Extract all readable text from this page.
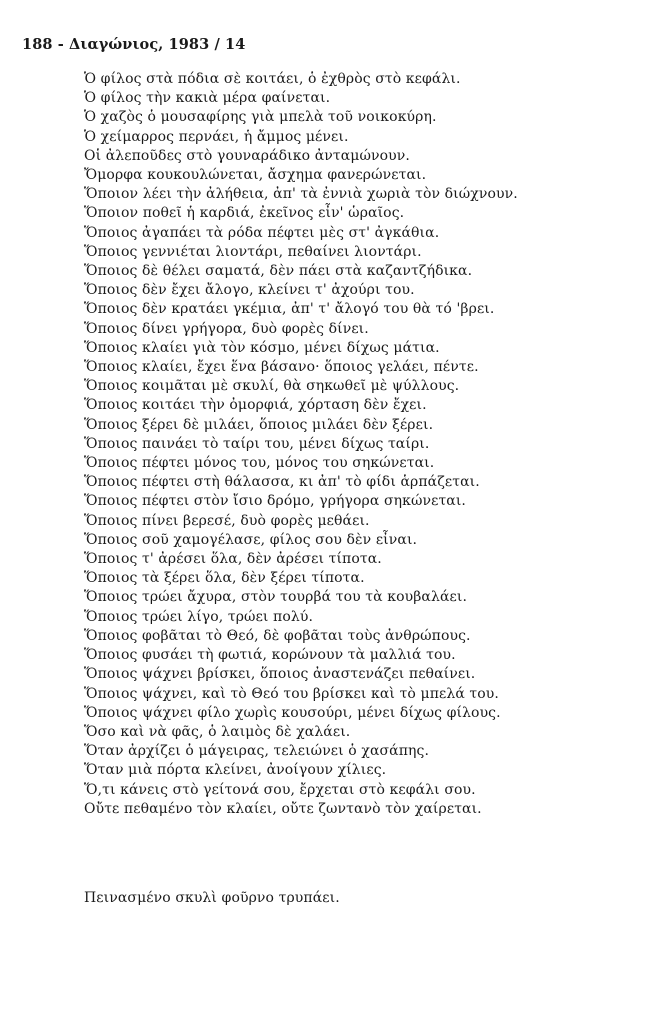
188 - Διαγώνιος, 1983 / 14
Ὁ φίλος στὰ πόδια σὲ κοιτάει, ὁ ἐχθρὸς στὸ κεφάλι.
Ὁ φίλος τὴν κακιὰ μέρα φαίνεται.
Ὁ χαζὸς ὁ μουσαφίρης γιὰ μπελὰ τοῦ νοικοκύρη.
Ὁ χείμαρρος περνάει, ἡ ἄμμος μένει.
Οἱ ἀλεποῦδες στὸ γουναράδικο ἀνταμώνουν.
Ὄμορφα κουκουλώνεται, ἄσχημα φανερώνεται.
Ὅποιον λέει τὴν ἀλήθεια, ἀπ' τὰ ἐννιὰ χωριὰ τὸν διώχνουν.
Ὅποιον ποθεῖ ἡ καρδιά, ἐκεῖνος εἶν' ὡραῖος.
Ὅποιος ἀγαπάει τὰ ρόδα πέφτει μὲς στ' ἀγκάθια.
Ὅποιος γεννιέται λιοντάρι, πεθαίνει λιοντάρι.
Ὅποιος δὲ θέλει σαματά, δὲν πάει στὰ καζαντζήδικα.
Ὅποιος δὲν ἔχει ἄλογο, κλείνει τ' ἀχούρι του.
Ὅποιος δὲν κρατάει γκέμια, ἀπ' τ' ἄλογό του θὰ τό 'βρει.
Ὅποιος δίνει γρήγορα, δυὸ φορὲς δίνει.
Ὅποιος κλαίει γιὰ τὸν κόσμο, μένει δίχως μάτια.
Ὅποιος κλαίει, ἔχει ἕνα βάσανο· ὅποιος γελάει, πέντε.
Ὅποιος κοιμᾶται μὲ σκυλί, θὰ σηκωθεῖ μὲ ψύλλους.
Ὅποιος κοιτάει τὴν ὀμορφιά, χόρταση δὲν ἔχει.
Ὅποιος ξέρει δὲ μιλάει, ὅποιος μιλάει δὲν ξέρει.
Ὅποιος παινάει τὸ ταίρι του, μένει δίχως ταίρι.
Ὅποιος πέφτει μόνος του, μόνος του σηκώνεται.
Ὅποιος πέφτει στὴ θάλασσα, κι ἀπ' τὸ φίδι ἁρπάζεται.
Ὅποιος πέφτει στὸν ἴσιο δρόμο, γρήγορα σηκώνεται.
Ὅποιος πίνει βερεσέ, δυὸ φορὲς μεθάει.
Ὅποιος σοῦ χαμογέλασε, φίλος σου δὲν εἶναι.
Ὅποιος τ' ἀρέσει ὅλα, δὲν ἀρέσει τίποτα.
Ὅποιος τὰ ξέρει ὅλα, δὲν ξέρει τίποτα.
Ὅποιος τρώει ἄχυρα, στὸν τουρβά του τὰ κουβαλάει.
Ὅποιος τρώει λίγο, τρώει πολύ.
Ὅποιος φοβᾶται τὸ Θεό, δὲ φοβᾶται τοὺς ἀνθρώπους.
Ὅποιος φυσάει τὴ φωτιά, κορώνουν τὰ μαλλιά του.
Ὅποιος ψάχνει βρίσκει, ὅποιος ἀναστενάζει πεθαίνει.
Ὅποιος ψάχνει, καὶ τὸ Θεό του βρίσκει καὶ τὸ μπελά του.
Ὅποιος ψάχνει φίλο χωρὶς κουσούρι, μένει δίχως φίλους.
Ὅσο καὶ νὰ φᾶς, ὁ λαιμὸς δὲ χαλάει.
Ὅταν ἀρχίζει ὁ μάγειρας, τελειώνει ὁ χασάπης.
Ὅταν μιὰ πόρτα κλείνει, ἀνοίγουν χίλιες.
Ὅ,τι κάνεις στὸ γείτονά σου, ἔρχεται στὸ κεφάλι σου.
Οὔτε πεθαμένο τὸν κλαίει, οὔτε ζωντανὸ τὸν χαίρεται.
Πεινασμένο σκυλὶ φοῦρνο τρυπάει.
